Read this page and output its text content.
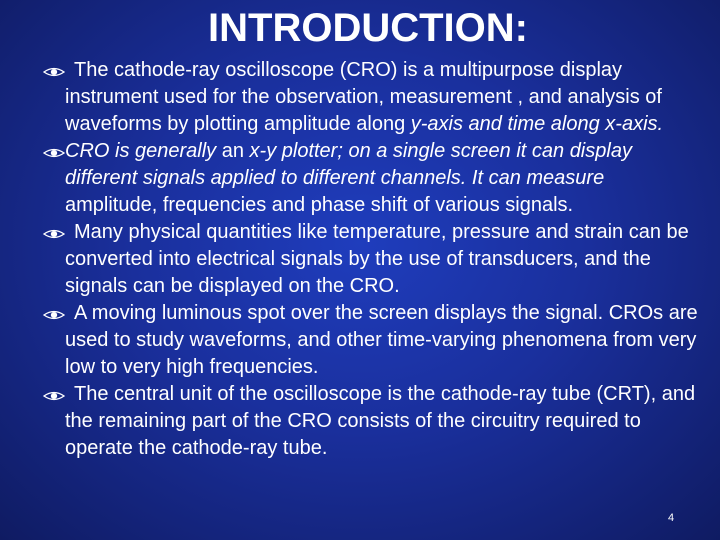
INTRODUCTION:
The cathode-ray oscilloscope (CRO) is a multipurpose display instrument used for the observation, measurement , and analysis of waveforms by plotting amplitude along y-axis and time along x-axis.
CRO is generally an x-y plotter; on a single screen it can display different signals applied to different channels. It can measure amplitude, frequencies and phase shift of various signals.
Many physical quantities like temperature, pressure and strain can be converted into electrical signals by the use of transducers, and the signals can be displayed on the CRO.
A moving luminous spot over the screen displays the signal. CROs are used to study waveforms, and other time-varying phenomena from very low to very high frequencies.
The central unit of the oscilloscope is the cathode-ray tube (CRT), and the remaining part of the CRO consists of the circuitry required to operate the cathode-ray tube.
4
